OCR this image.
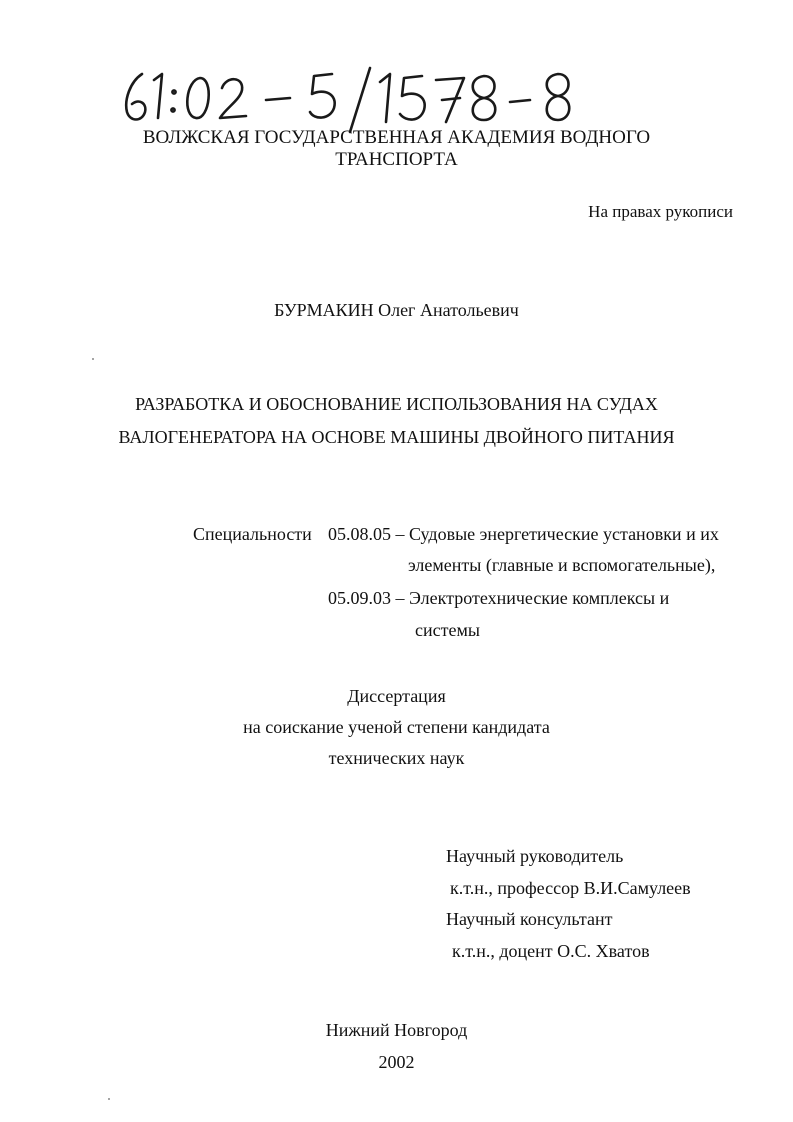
ВОЛЖСКАЯ ГОСУДАРСТВЕННАЯ АКАДЕМИЯ ВОДНОГО
ТРАНСПОРТА
На правах рукописи
БУРМАКИН Олег Анатольевич
РАЗРАБОТКА И ОБОСНОВАНИЕ ИСПОЛЬЗОВАНИЯ НА СУДАХ
ВАЛОГЕНЕРАТОРА НА ОСНОВЕ МАШИНЫ ДВОЙНОГО ПИТАНИЯ
Специальности 05.08.05 – Судовые энергетические установки и их
элементы (главные и вспомогательные),
05.09.03 – Электротехнические комплексы и
системы
Диссертация
на соискание ученой степени кандидата
технических наук
Научный руководитель
к.т.н., профессор В.И.Самулеев
Научный консультант
к.т.н., доцент О.С. Хватов
Нижний Новгород
2002
